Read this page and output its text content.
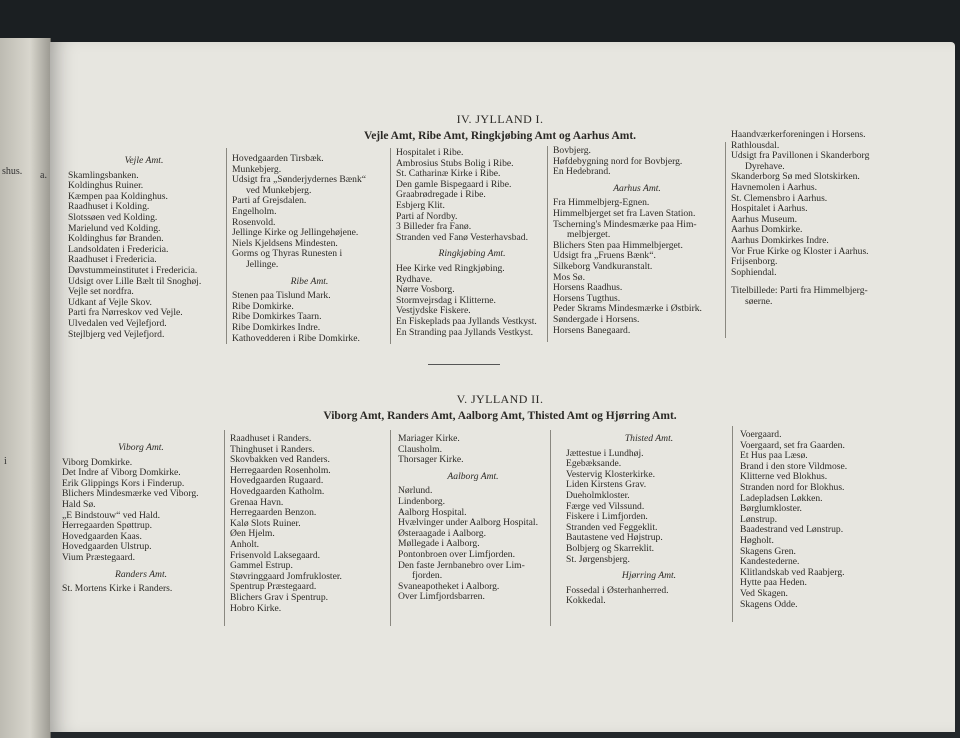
shus. a.
i
IV. JYLLAND I.
Vejle Amt, Ribe Amt, Ringkjøbing Amt og Aarhus Amt.
Vejle Amt.
Skamlingsbanken.
Koldinghus Ruiner.
Kæmpen paa Koldinghus.
Raadhuset i Kolding.
Slotssøen ved Kolding.
Marielund ved Kolding.
Koldinghus før Branden.
Landsoldaten i Fredericia.
Raadhuset i Fredericia.
Døvstummeinstitutet i Fredericia.
Udsigt over Lille Bælt til Snoghøj.
Vejle set nordfra.
Udkant af Vejle Skov.
Parti fra Nørreskov ved Vejle.
Ulvedalen ved Vejlefjord.
Stejlbjerg ved Vejlefjord.
Hovedgaarden Tirsbæk.
Munkebjerg.
Udsigt fra „Sønderjydernes Bænk“
ved Munkebjerg.
Parti af Grejsdalen.
Engelholm.
Rosenvold.
Jellinge Kirke og Jellingehøjene.
Niels Kjeldsens Mindesten.
Gorms og Thyras Runesten i
Jellinge.
Ribe Amt.
Stenen paa Tislund Mark.
Ribe Domkirke.
Ribe Domkirkes Taarn.
Ribe Domkirkes Indre.
Kathovedderen i Ribe Domkirke.
Hospitalet i Ribe.
Ambrosius Stubs Bolig i Ribe.
St. Catharinæ Kirke i Ribe.
Den gamle Bispegaard i Ribe.
Graabrødregade i Ribe.
Esbjerg Klit.
Parti af Nordby.
3 Billeder fra Fanø.
Stranden ved Fanø Vesterhavsbad.
Ringkjøbing Amt.
Hee Kirke ved Ringkjøbing.
Rydhave.
Nørre Vosborg.
Stormvejrsdag i Klitterne.
Vestjydske Fiskere.
En Fiskeplads paa Jyllands Vestkyst.
En Stranding paa Jyllands Vestkyst.
Bovbjerg.
Høfdebygning nord for Bovbjerg.
En Hedebrand.
Aarhus Amt.
Fra Himmelbjerg-Egnen.
Himmelbjerget set fra Laven Station.
Tscherning's Mindesmærke paa Him-
melbjerget.
Blichers Sten paa Himmelbjerget.
Udsigt fra „Fruens Bænk“.
Silkeborg Vandkuranstalt.
Mos Sø.
Horsens Raadhus.
Horsens Tugthus.
Peder Skrams Mindesmærke i Østbirk.
Søndergade i Horsens.
Horsens Banegaard.
Haandværkerforeningen i Horsens.
Rathlousdal.
Udsigt fra Pavillonen i Skanderborg
Dyrehave.
Skanderborg Sø med Slotskirken.
Havnemolen i Aarhus.
St. Clemensbro i Aarhus.
Hospitalet i Aarhus.
Aarhus Museum.
Aarhus Domkirke.
Aarhus Domkirkes Indre.
Vor Frue Kirke og Kloster i Aarhus.
Frijsenborg.
Sophiendal.
Titelbillede: Parti fra Himmelbjerg-
søerne.
V. JYLLAND II.
Viborg Amt, Randers Amt, Aalborg Amt, Thisted Amt og Hjørring Amt.
Viborg Amt.
Viborg Domkirke.
Det Indre af Viborg Domkirke.
Erik Glippings Kors i Finderup.
Blichers Mindesmærke ved Viborg.
Hald Sø.
„E Bindstouw“ ved Hald.
Herregaarden Spøttrup.
Hovedgaarden Kaas.
Hovedgaarden Ulstrup.
Vium Præstegaard.
Randers Amt.
St. Mortens Kirke i Randers.
Raadhuset i Randers.
Thinghuset i Randers.
Skovbakken ved Randers.
Herregaarden Rosenholm.
Hovedgaarden Rugaard.
Hovedgaarden Katholm.
Grenaa Havn.
Herregaarden Benzon.
Kalø Slots Ruiner.
Øen Hjelm.
Anholt.
Frisenvold Laksegaard.
Gammel Estrup.
Støvringgaard Jomfrukloster.
Spentrup Præstegaard.
Blichers Grav i Spentrup.
Hobro Kirke.
Mariager Kirke.
Clausholm.
Thorsager Kirke.
Aalborg Amt.
Nørlund.
Lindenborg.
Aalborg Hospital.
Hvælvinger under Aalborg Hospital.
Østeraagade i Aalborg.
Møllegade i Aalborg.
Pontonbroen over Limfjorden.
Den faste Jernbanebro over Lim-
fjorden.
Svaneapotheket i Aalborg.
Over Limfjordsbarren.
Thisted Amt.
Jættestue i Lundhøj.
Egebæksande.
Vestervig Klosterkirke.
Liden Kirstens Grav.
Dueholmkloster.
Færge ved Vilssund.
Fiskere i Limfjorden.
Stranden ved Feggeklit.
Bautastene ved Højstrup.
Bolbjerg og Skarreklit.
St. Jørgensbjerg.
Hjørring Amt.
Fossedal i Østerhanherred.
Kokkedal.
Voergaard.
Voergaard, set fra Gaarden.
Et Hus paa Læsø.
Brand i den store Vildmose.
Klitterne ved Blokhus.
Stranden nord for Blokhus.
Ladepladsen Løkken.
Børglumkloster.
Lønstrup.
Baadestrand ved Lønstrup.
Høgholt.
Skagens Gren.
Kandestederne.
Klitlandskab ved Raabjerg.
Hytte paa Heden.
Ved Skagen.
Skagens Odde.
